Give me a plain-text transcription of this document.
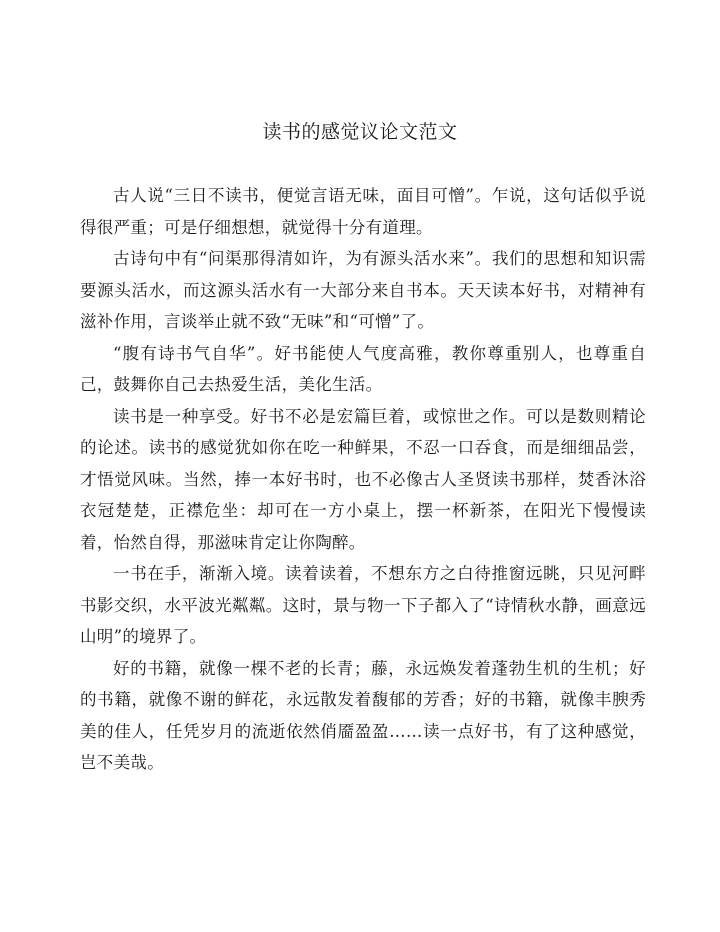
读书的感觉议论文范文

古人说“三日不读书，便觉言语无味，面目可憎”。乍说，这句话似乎说得很严重；可是仔细想想，就觉得十分有道理。

古诗句中有“问渠那得清如许，为有源头活水来”。我们的思想和知识需要源头活水，而这源头活水有一大部分来自书本。天天读本好书，对精神有滋补作用，言谈举止就不致“无味”和“可憎”了。

“腹有诗书气自华”。好书能使人气度高雅，教你尊重别人，也尊重自己，鼓舞你自己去热爱生活，美化生活。

读书是一种享受。好书不必是宏篇巨着，或惊世之作。可以是数则精论的论述。读书的感觉犹如你在吃一种鲜果，不忍一口吞食，而是细细品尝，才悟觉风味。当然，捧一本好书时，也不必像古人圣贤读书那样，焚香沐浴衣冠楚楚，正襟危坐：却可在一方小桌上，摆一杯新茶，在阳光下慢慢读着，怡然自得，那滋味肯定让你陶醉。

一书在手，渐渐入境。读着读着，不想东方之白待推窗远眺，只见河畔书影交织，水平波光粼粼。这时，景与物一下子都入了“诗情秋水静，画意远山明”的境界了。

好的书籍，就像一棵不老的长青；藤，永远焕发着蓬勃生机的生机；好的书籍，就像不谢的鲜花，永远散发着馥郁的芳香；好的书籍，就像丰腴秀美的佳人，任凭岁月的流逝依然俏靥盈盈……读一点好书，有了这种感觉，岂不美哉。
